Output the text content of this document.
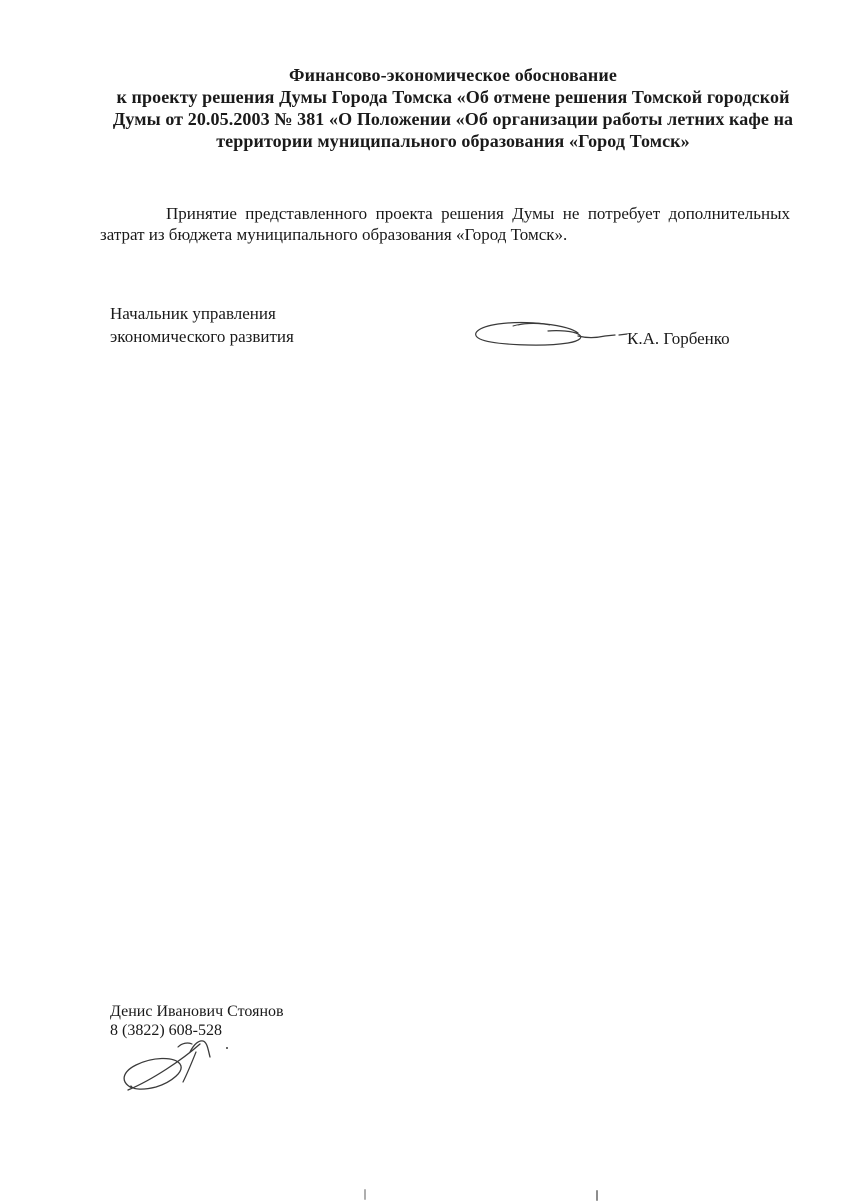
Финансово-экономическое обоснование
к проекту решения Думы Города Томска «Об отмене решения Томской городской
Думы от 20.05.2003 № 381 «О Положении «Об организации работы летних кафе на
территории муниципального образования «Город Томск»
Принятие представленного проекта решения Думы не потребует дополнительных
затрат из бюджета муниципального образования «Город Томск».
Начальник управления
экономического развития	К.А. Горбенко
Денис Иванович Стоянов
8 (3822) 608-528
